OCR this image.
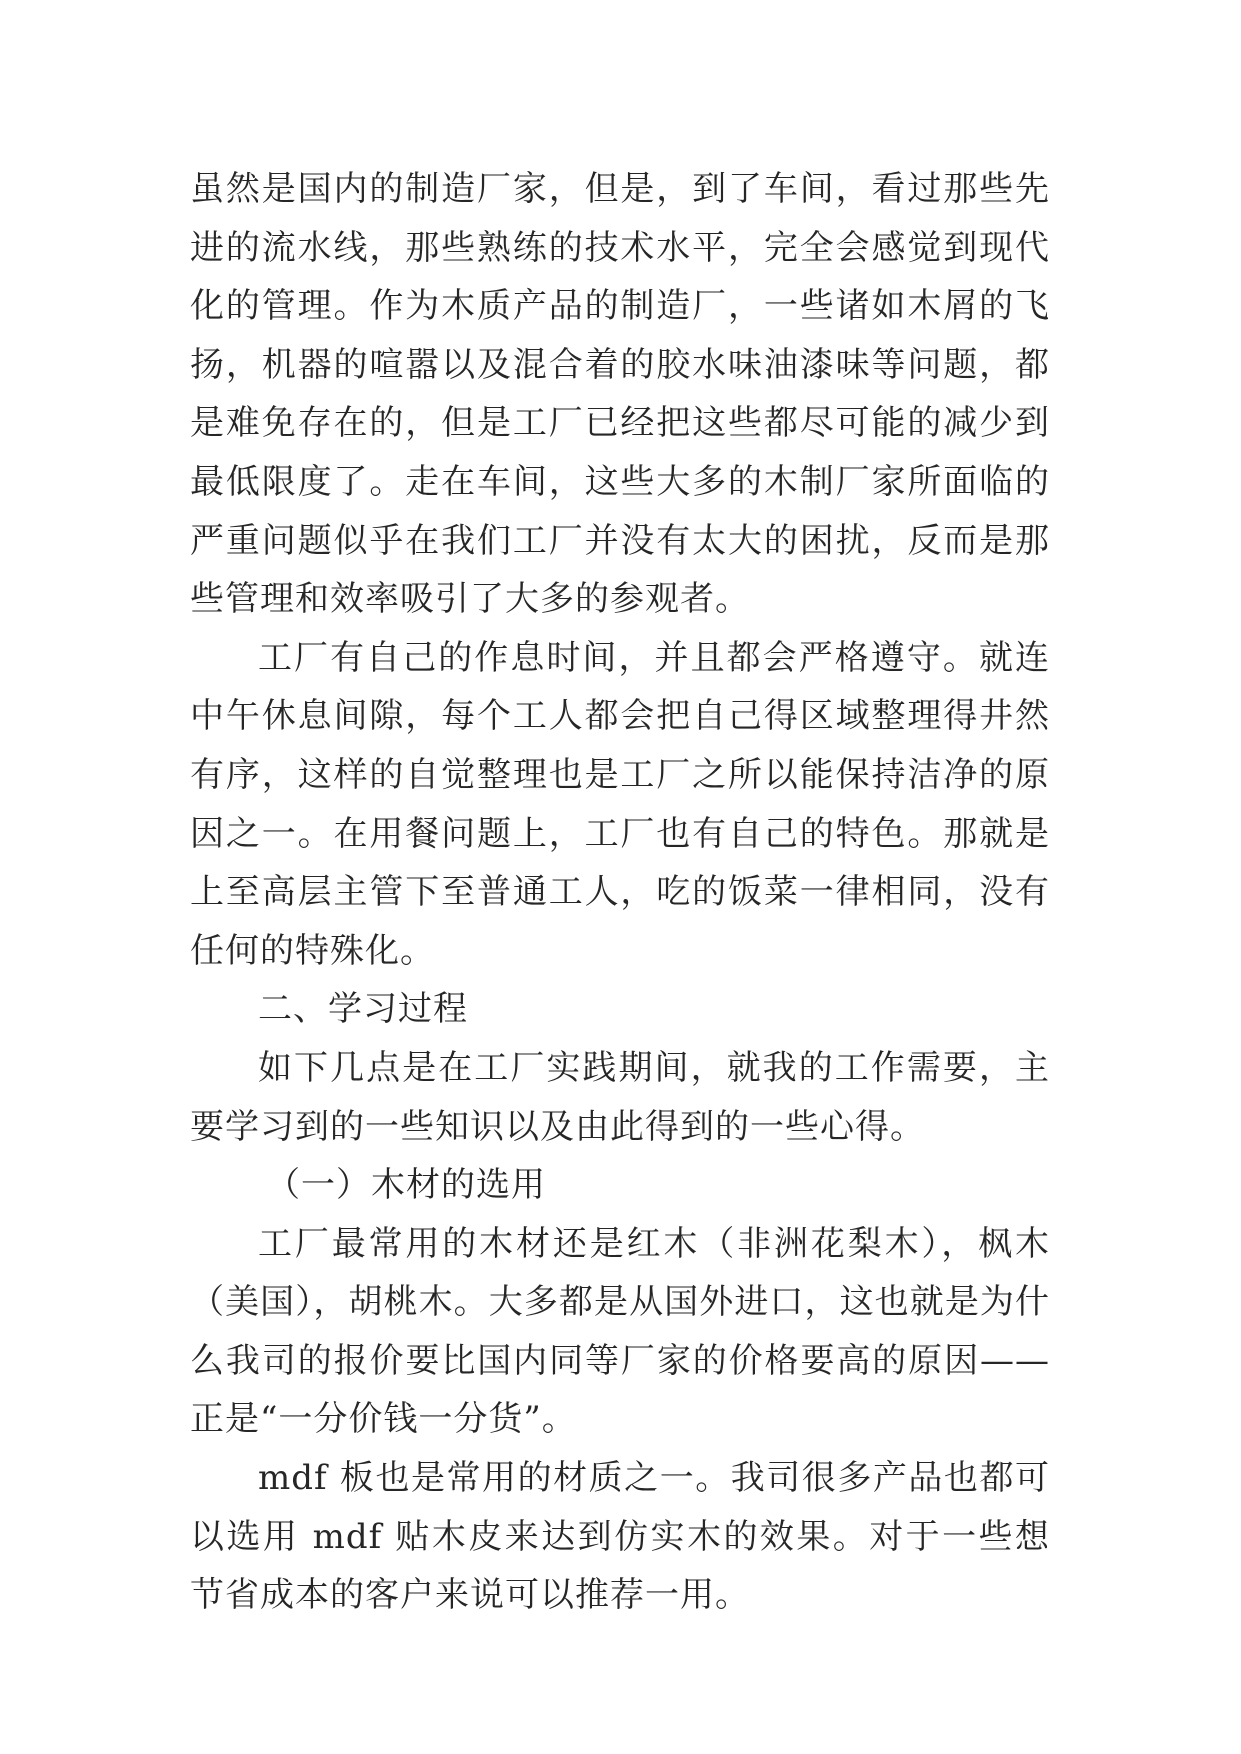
虽然是国内的制造厂家，但是，到了车间，看过那些先进的流水线，那些熟练的技术水平，完全会感觉到现代化的管理。作为木质产品的制造厂，一些诸如木屑的飞扬，机器的喧嚣以及混合着的胶水味油漆味等问题，都是难免存在的，但是工厂已经把这些都尽可能的减少到最低限度了。走在车间，这些大多的木制厂家所面临的严重问题似乎在我们工厂并没有太大的困扰，反而是那些管理和效率吸引了大多的参观者。

工厂有自己的作息时间，并且都会严格遵守。就连中午休息间隙，每个工人都会把自己得区域整理得井然有序，这样的自觉整理也是工厂之所以能保持洁净的原因之一。在用餐问题上，工厂也有自己的特色。那就是上至高层主管下至普通工人，吃的饭菜一律相同，没有任何的特殊化。

二、学习过程

如下几点是在工厂实践期间，就我的工作需要，主要学习到的一些知识以及由此得到的一些心得。

（一）木材的选用

工厂最常用的木材还是红木（非洲花梨木），枫木（美国），胡桃木。大多都是从国外进口，这也就是为什么我司的报价要比国内同等厂家的价格要高的原因——正是“一分价钱一分货”。

mdf 板也是常用的材质之一。我司很多产品也都可以选用 mdf 贴木皮来达到仿实木的效果。对于一些想节省成本的客户来说可以推荐一用。
